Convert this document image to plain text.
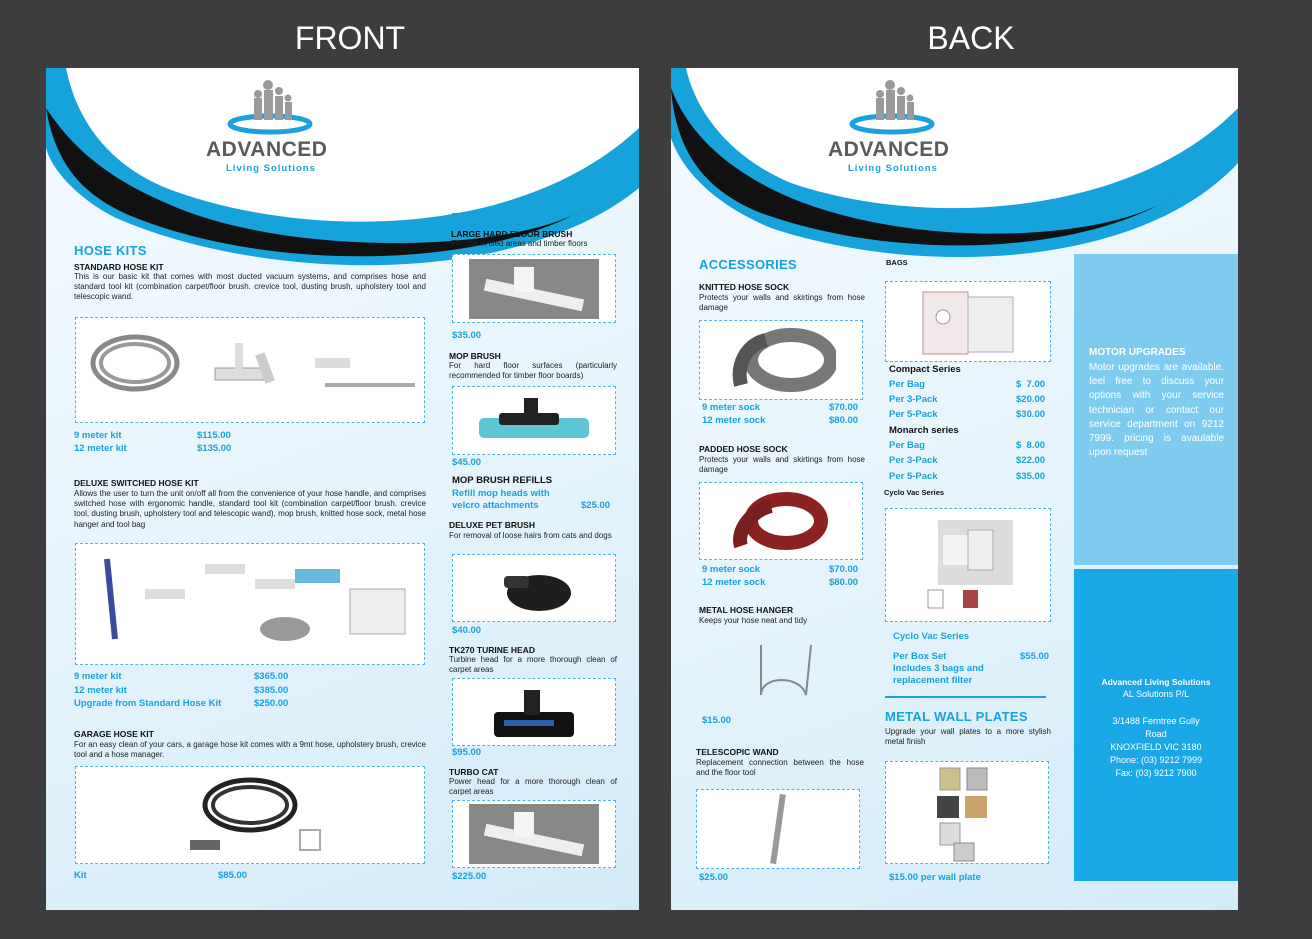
FRONT	BACK
ADVANCED
Living Solutions
HOSE KITS
STANDARD HOSE KIT
This is our basic kit that comes with most ducted vacuum systems, and comprises hose and standard tool kit (combination carpet/floor brush. crevice tool, dusting brush, upholstery tool and telescopic wand.
9 meter kit	$115.00
12 meter kit	$135.00
DELUXE SWITCHED HOSE KIT
Allows the user to turn the unit on/off all from the convenience of your hose handle, and comprises switched hose with ergonomic handle, standard tool kit (combination carpet/floor brush. crevice tool, dusting brush, upholstery tool and telescopic wand), mop brush, knitted hose sock, metal hose hanger and tool bag
9 meter kit	$365.00
12 meter kit	$385.00
Upgrade from Standard Hose Kit	$250.00
GARAGE HOSE KIT
For an easy clean of your cars, a garage hose kit comes with a 9mt hose, upholstery brush, crevice tool and a hose manager.
Kit	$85.00
FLOOR TOOLS
LARGE HARD FLOOR BRUSH
For use in tiled areas and timber floors
$35.00
MOP BRUSH
For hard floor surfaces (particularly recommended for timber floor boards)
$45.00
MOP BRUSH REFILLS
Refill mop heads with
velcro attachments	$25.00
DELUXE PET BRUSH
For removal of loose hairs from cats and dogs
$40.00
TK270 TURINE HEAD
Turbine head for a more thorough clean of carpet areas
$95.00
TURBO CAT
Power head for a more thorough clean of carpet areas
$225.00
ADVANCED
Living Solutions
ACCESSORIES
KNITTED HOSE SOCK
Protects your walls and skirtings from hose damage
9 meter sock	$70.00
12 meter sock	$80.00
PADDED HOSE SOCK
Protects your walls and skirtings from hose damage
9 meter sock	$70.00
12 meter sock	$80.00
METAL HOSE HANGER
Keeps your hose neat and tidy
$15.00
TELESCOPIC WAND
Replacement connection between the hose and the floor tool
$25.00
BAGS
Compact Series
Per Bag	$  7.00
Per 3-Pack	$20.00
Per 5-Pack	$30.00
Monarch series
Per Bag	$  8.00
Per 3-Pack	$22.00
Per 5-Pack	$35.00
Cyclo Vac Series
Cyclo Vac Series
Per Box Set	$55.00
Includes 3 bags and
replacement filter
METAL WALL PLATES
Upgrade your wall plates to a more stylish metal finish
$15.00 per wall plate
MOTOR UPGRADES
Motor upgrades are available. feel free to discuss your options with your service technician or contact our service department on 9212 7999. pricing is avaulable upon request
Advanced Living Solutions
AL Solutions P/L
3/1488 Ferntree Gully
Road
KNOXFIELD VIC 3180
Phone: (03) 9212 7999
Fax: (03) 9212 7900
